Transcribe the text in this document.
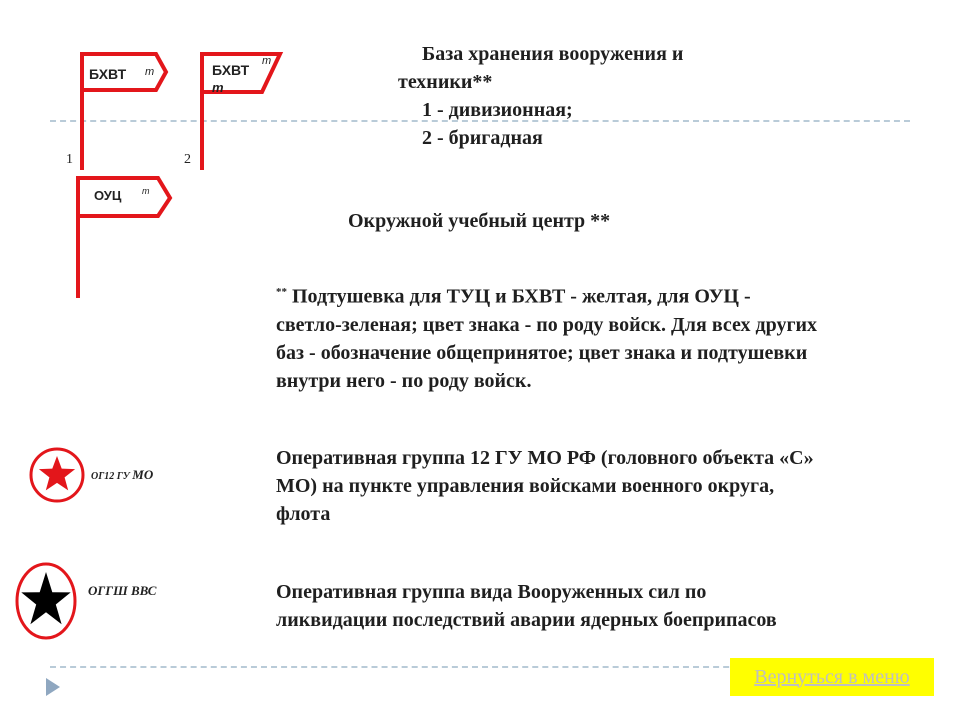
БХВТ т
1
БХВТ
т
т
2
ОУЦ т
ОГ12 ГУ МО
ОГГШ ВВС
База хранения вооружения и
техники**
1 - дивизионная;
2 - бригадная
Окружной учебный центр **
** Подтушевка для ТУЦ и БХВТ - желтая, для ОУЦ -
светло-зеленая; цвет знака - по роду войск. Для всех других
баз - обозначение общепринятое; цвет знака и подтушевки
внутри него - по роду войск.
Оперативная группа 12 ГУ МО РФ (головного объекта «С»
МО) на пункте управления войсками военного округа,
флота
Оперативная группа вида Вооруженных сил по
ликвидации последствий аварии ядерных боеприпасов
Вернуться в меню
